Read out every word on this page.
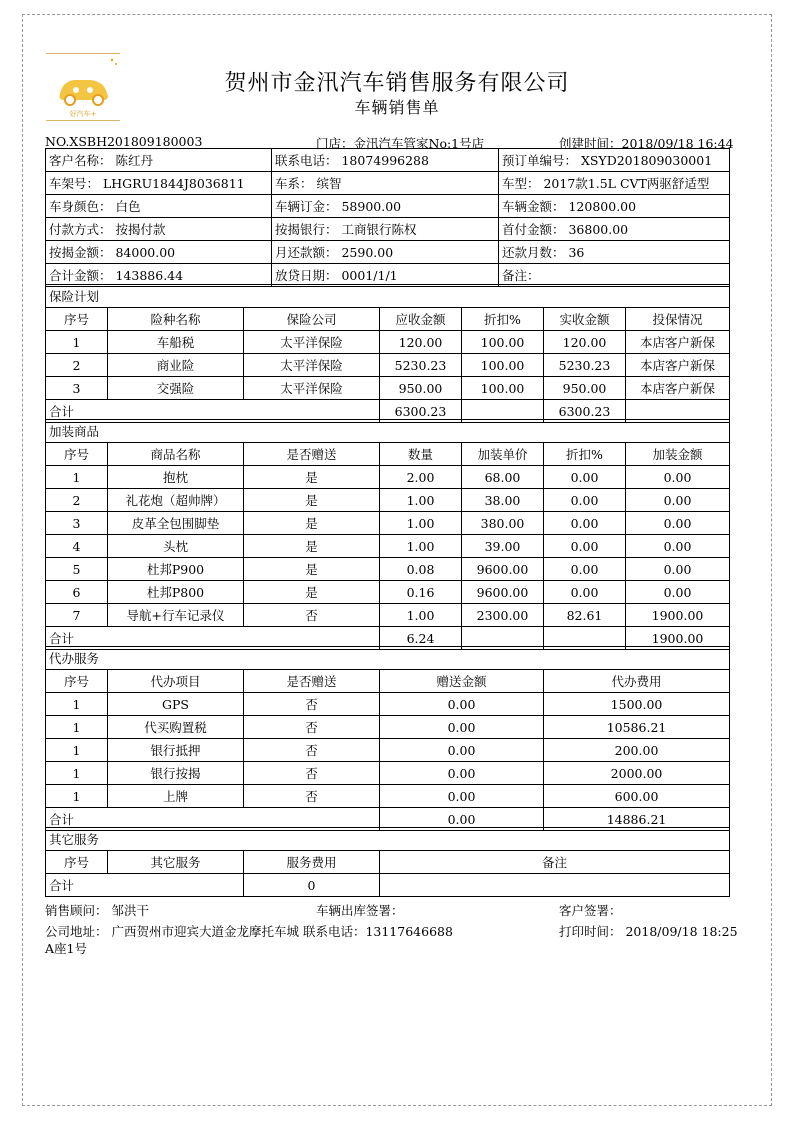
好汽车+
贺州市金汛汽车销售服务有限公司
车辆销售单
NO.XSBH201809180003	门店：金汛汽车管家No:1号店	创建时间：2018/09/18 16:44
客户名称： 陈红丹	联系电话： 18074996288	预订单编号： XSYD201809030001
车架号： LHGRU1844J8036811	车系： 缤智	车型： 2017款1.5L CVT两驱舒适型
车身颜色： 白色	车辆订金： 58900.00	车辆金额： 120800.00
付款方式： 按揭付款	按揭银行： 工商银行陈权	首付金额： 36800.00
按揭金额： 84000.00	月还款额： 2590.00	还款月数： 36
合计金额： 143886.44	放贷日期： 0001/1/1	备注：
保险计划						
序号	险种名称	保险公司	应收金额	折扣%	实收金额	投保情况
1	车船税	太平洋保险	120.00	100.00	120.00	本店客户新保
2	商业险	太平洋保险	5230.23	100.00	5230.23	本店客户新保
3	交强险	太平洋保险	950.00	100.00	950.00	本店客户新保
合计			6300.23		6300.23	
加装商品						
序号	商品名称	是否赠送	数量	加装单价	折扣%	加装金额
1	抱枕	是	2.00	68.00	0.00	0.00
2	礼花炮（超帅牌）	是	1.00	38.00	0.00	0.00
3	皮革全包围脚垫	是	1.00	380.00	0.00	0.00
4	头枕	是	1.00	39.00	0.00	0.00
5	杜邦P900	是	0.08	9600.00	0.00	0.00
6	杜邦P800	是	0.16	9600.00	0.00	0.00
7	导航+行车记录仪	否	1.00	2300.00	82.61	1900.00
合计			6.24			1900.00
代办服务				
序号	代办项目	是否赠送	赠送金额	代办费用
1	GPS	否	0.00	1500.00
1	代买购置税	否	0.00	10586.21
1	银行抵押	否	0.00	200.00
1	银行按揭	否	0.00	2000.00
1	上牌	否	0.00	600.00
合计			0.00	14886.21
其它服务			
序号	其它服务	服务费用	备注
合计		0	
销售顾问： 邹洪干	车辆出库签署：	客户签署：
公司地址： 广西贺州市迎宾大道金龙摩托车城 联系电话：13117646688
A座1号
打印时间： 2018/09/18 18:25
